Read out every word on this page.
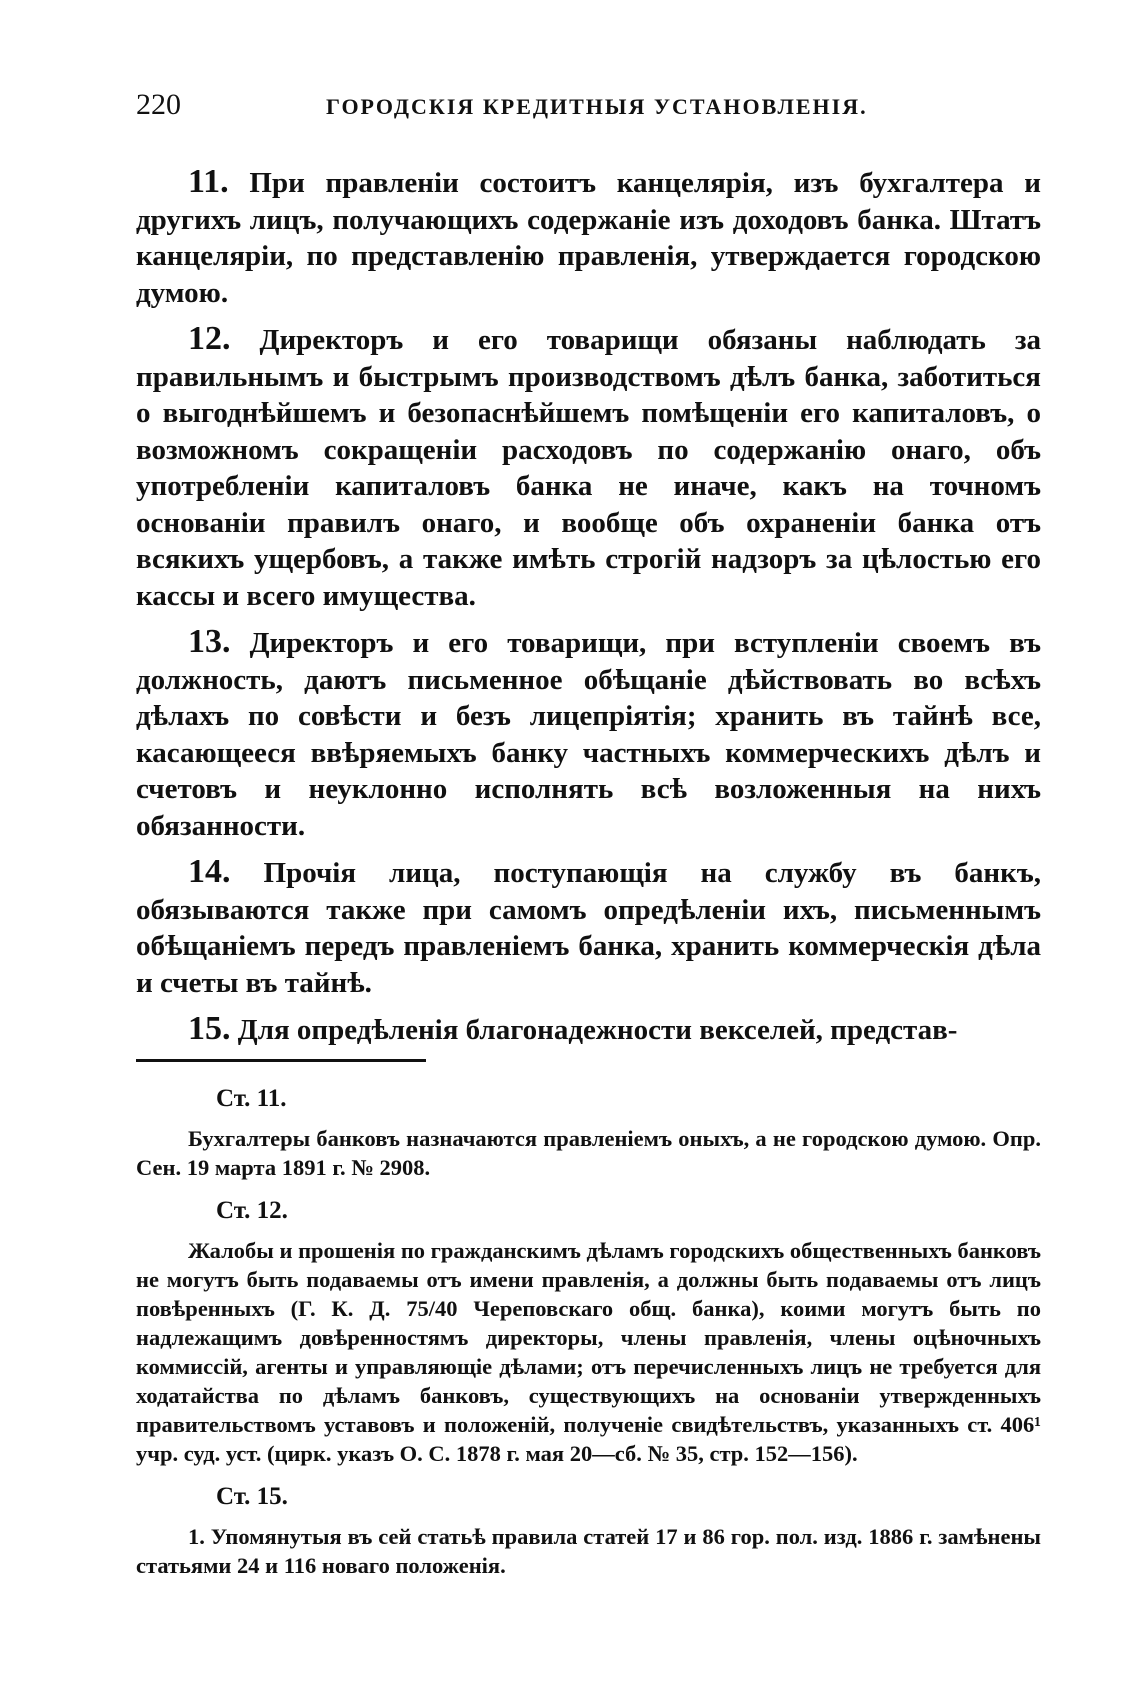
220	ГОРОДСКІЯ КРЕДИТНЫЯ УСТАНОВЛЕНІЯ.

11. При правленіи состоитъ канцелярія, изъ бухгалтера и другихъ лицъ, получающихъ содержаніе изъ доходовъ банка. Штатъ канцеляріи, по представленію правленія, утверждается городскою думою.

12. Директоръ и его товарищи обязаны наблюдать за правильнымъ и быстрымъ производствомъ дѣлъ банка, заботиться о выгоднѣйшемъ и безопаснѣйшемъ помѣщеніи его капиталовъ, о возможномъ сокращеніи расходовъ по содержанію онаго, объ употребленіи капиталовъ банка не иначе, какъ на точномъ основаніи правилъ онаго, и вообще объ охраненіи банка отъ всякихъ ущербовъ, а также имѣть строгій надзоръ за цѣлостью его кассы и всего имущества.

13. Директоръ и его товарищи, при вступленіи своемъ въ должность, даютъ письменное обѣщаніе дѣйствовать во всѣхъ дѣлахъ по совѣсти и безъ лицепріятія; хранить въ тайнѣ все, касающееся ввѣряемыхъ банку частныхъ коммерческихъ дѣлъ и счетовъ и неуклонно исполнять всѣ возложенныя на нихъ обязанности.

14. Прочія лица, поступающія на службу въ банкъ, обязываются также при самомъ опредѣленіи ихъ, письменнымъ обѣщаніемъ передъ правленіемъ банка, хранить коммерческія дѣла и счеты въ тайнѣ.

15. Для опредѣленія благонадежности векселей, представ-

Ст. 11.

Бухгалтеры банковъ назначаются правленіемъ оныхъ, а не городскою думою. Опр. Сен. 19 марта 1891 г. № 2908.

Ст. 12.

Жалобы и прошенія по гражданскимъ дѣламъ городскихъ общественныхъ банковъ не могутъ быть подаваемы отъ имени правленія, а должны быть подаваемы отъ лицъ повѣренныхъ (Г. К. Д. 75/40 Череповскаго общ. банка), коими могутъ быть по надлежащимъ довѣренностямъ директоры, члены правленія, члены оцѣночныхъ коммиссій, агенты и управляющіе дѣлами; отъ перечисленныхъ лицъ не требуется для ходатайства по дѣламъ банковъ, существующихъ на основаніи утвержденныхъ правительствомъ уставовъ и положеній, полученіе свидѣтельствъ, указанныхъ ст. 406¹ учр. суд. уст. (цирк. указъ О. С. 1878 г. мая 20—сб. № 35, стр. 152—156).

Ст. 15.

1. Упомянутыя въ сей статьѣ правила статей 17 и 86 гор. пол. изд. 1886 г. замѣнены статьями 24 и 116 новаго положенія.
